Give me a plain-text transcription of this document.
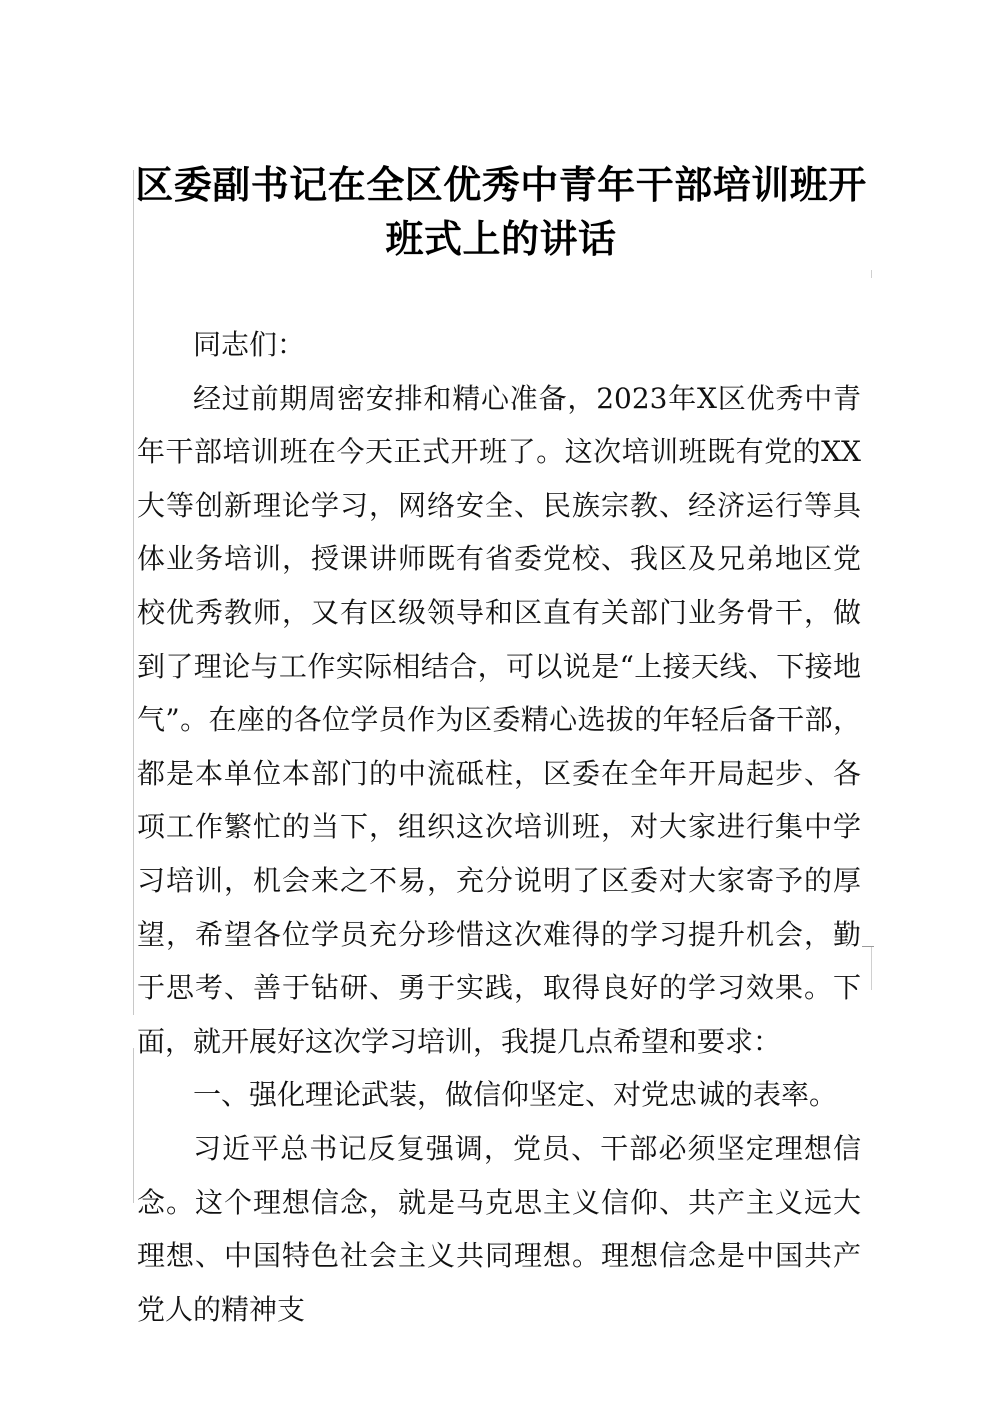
区委副书记在全区优秀中青年干部培训班开班式上的讲话

同志们：

经过前期周密安排和精心准备，2023年X区优秀中青年干部培训班在今天正式开班了。这次培训班既有党的XX大等创新理论学习，网络安全、民族宗教、经济运行等具体业务培训，授课讲师既有省委党校、我区及兄弟地区党校优秀教师，又有区级领导和区直有关部门业务骨干，做到了理论与工作实际相结合，可以说是“上接天线、下接地气”。在座的各位学员作为区委精心选拔的年轻后备干部，都是本单位本部门的中流砥柱，区委在全年开局起步、各项工作繁忙的当下，组织这次培训班，对大家进行集中学习培训，机会来之不易，充分说明了区委对大家寄予的厚望，希望各位学员充分珍惜这次难得的学习提升机会，勤于思考、善于钻研、勇于实践，取得良好的学习效果。下面，就开展好这次学习培训，我提几点希望和要求：

一、强化理论武装，做信仰坚定、对党忠诚的表率。

习近平总书记反复强调，党员、干部必须坚定理想信念。这个理想信念，就是马克思主义信仰、共产主义远大理想、中国特色社会主义共同理想。理想信念是中国共产党人的精神支
